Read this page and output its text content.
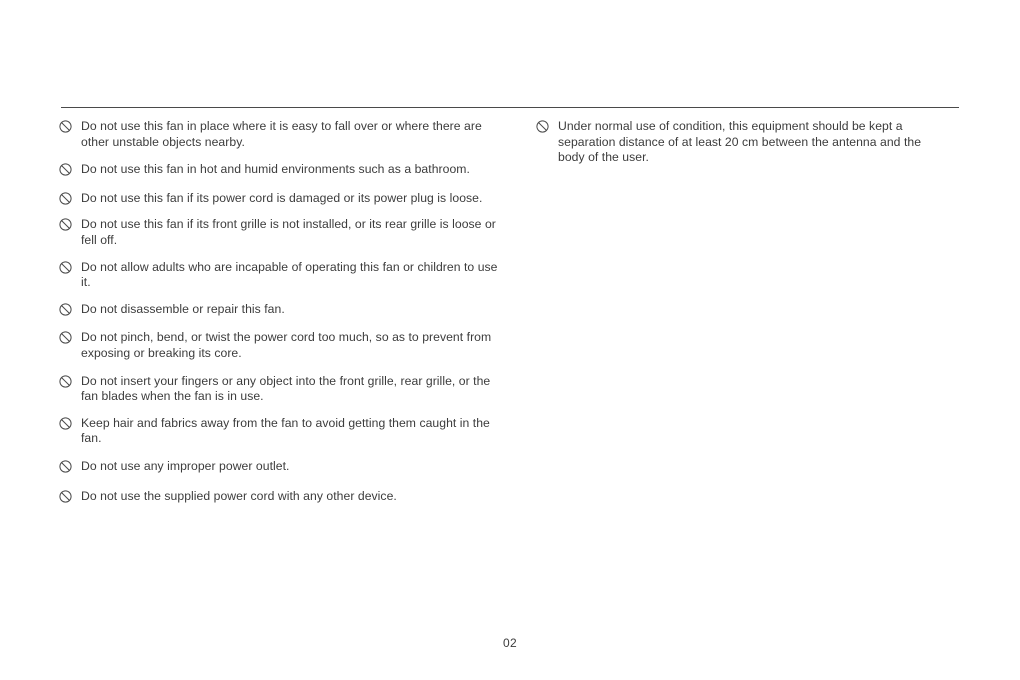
Do not use this fan in place where it is easy to fall over or where there are other unstable objects nearby.
Do not use this fan in hot and humid environments such as a bathroom.
Do not use this fan if its power cord is damaged or its power plug is loose.
Do not use this fan if its front grille is not installed, or its rear grille is loose or fell off.
Do not allow adults who are incapable of operating this fan or children to use it.
Do not disassemble or repair this fan.
Do not pinch, bend, or twist the power cord too much, so as to prevent from exposing or breaking its core.
Do not insert your fingers or any object into the front grille, rear grille, or the fan blades when the fan is in use.
Keep hair and fabrics away from the fan to avoid getting them caught in the fan.
Do not use any improper power outlet.
Do not use the supplied power cord with any other device.
Under normal use of condition, this equipment should be kept a separation distance of at least 20 cm between the antenna and the body of the user.
02
